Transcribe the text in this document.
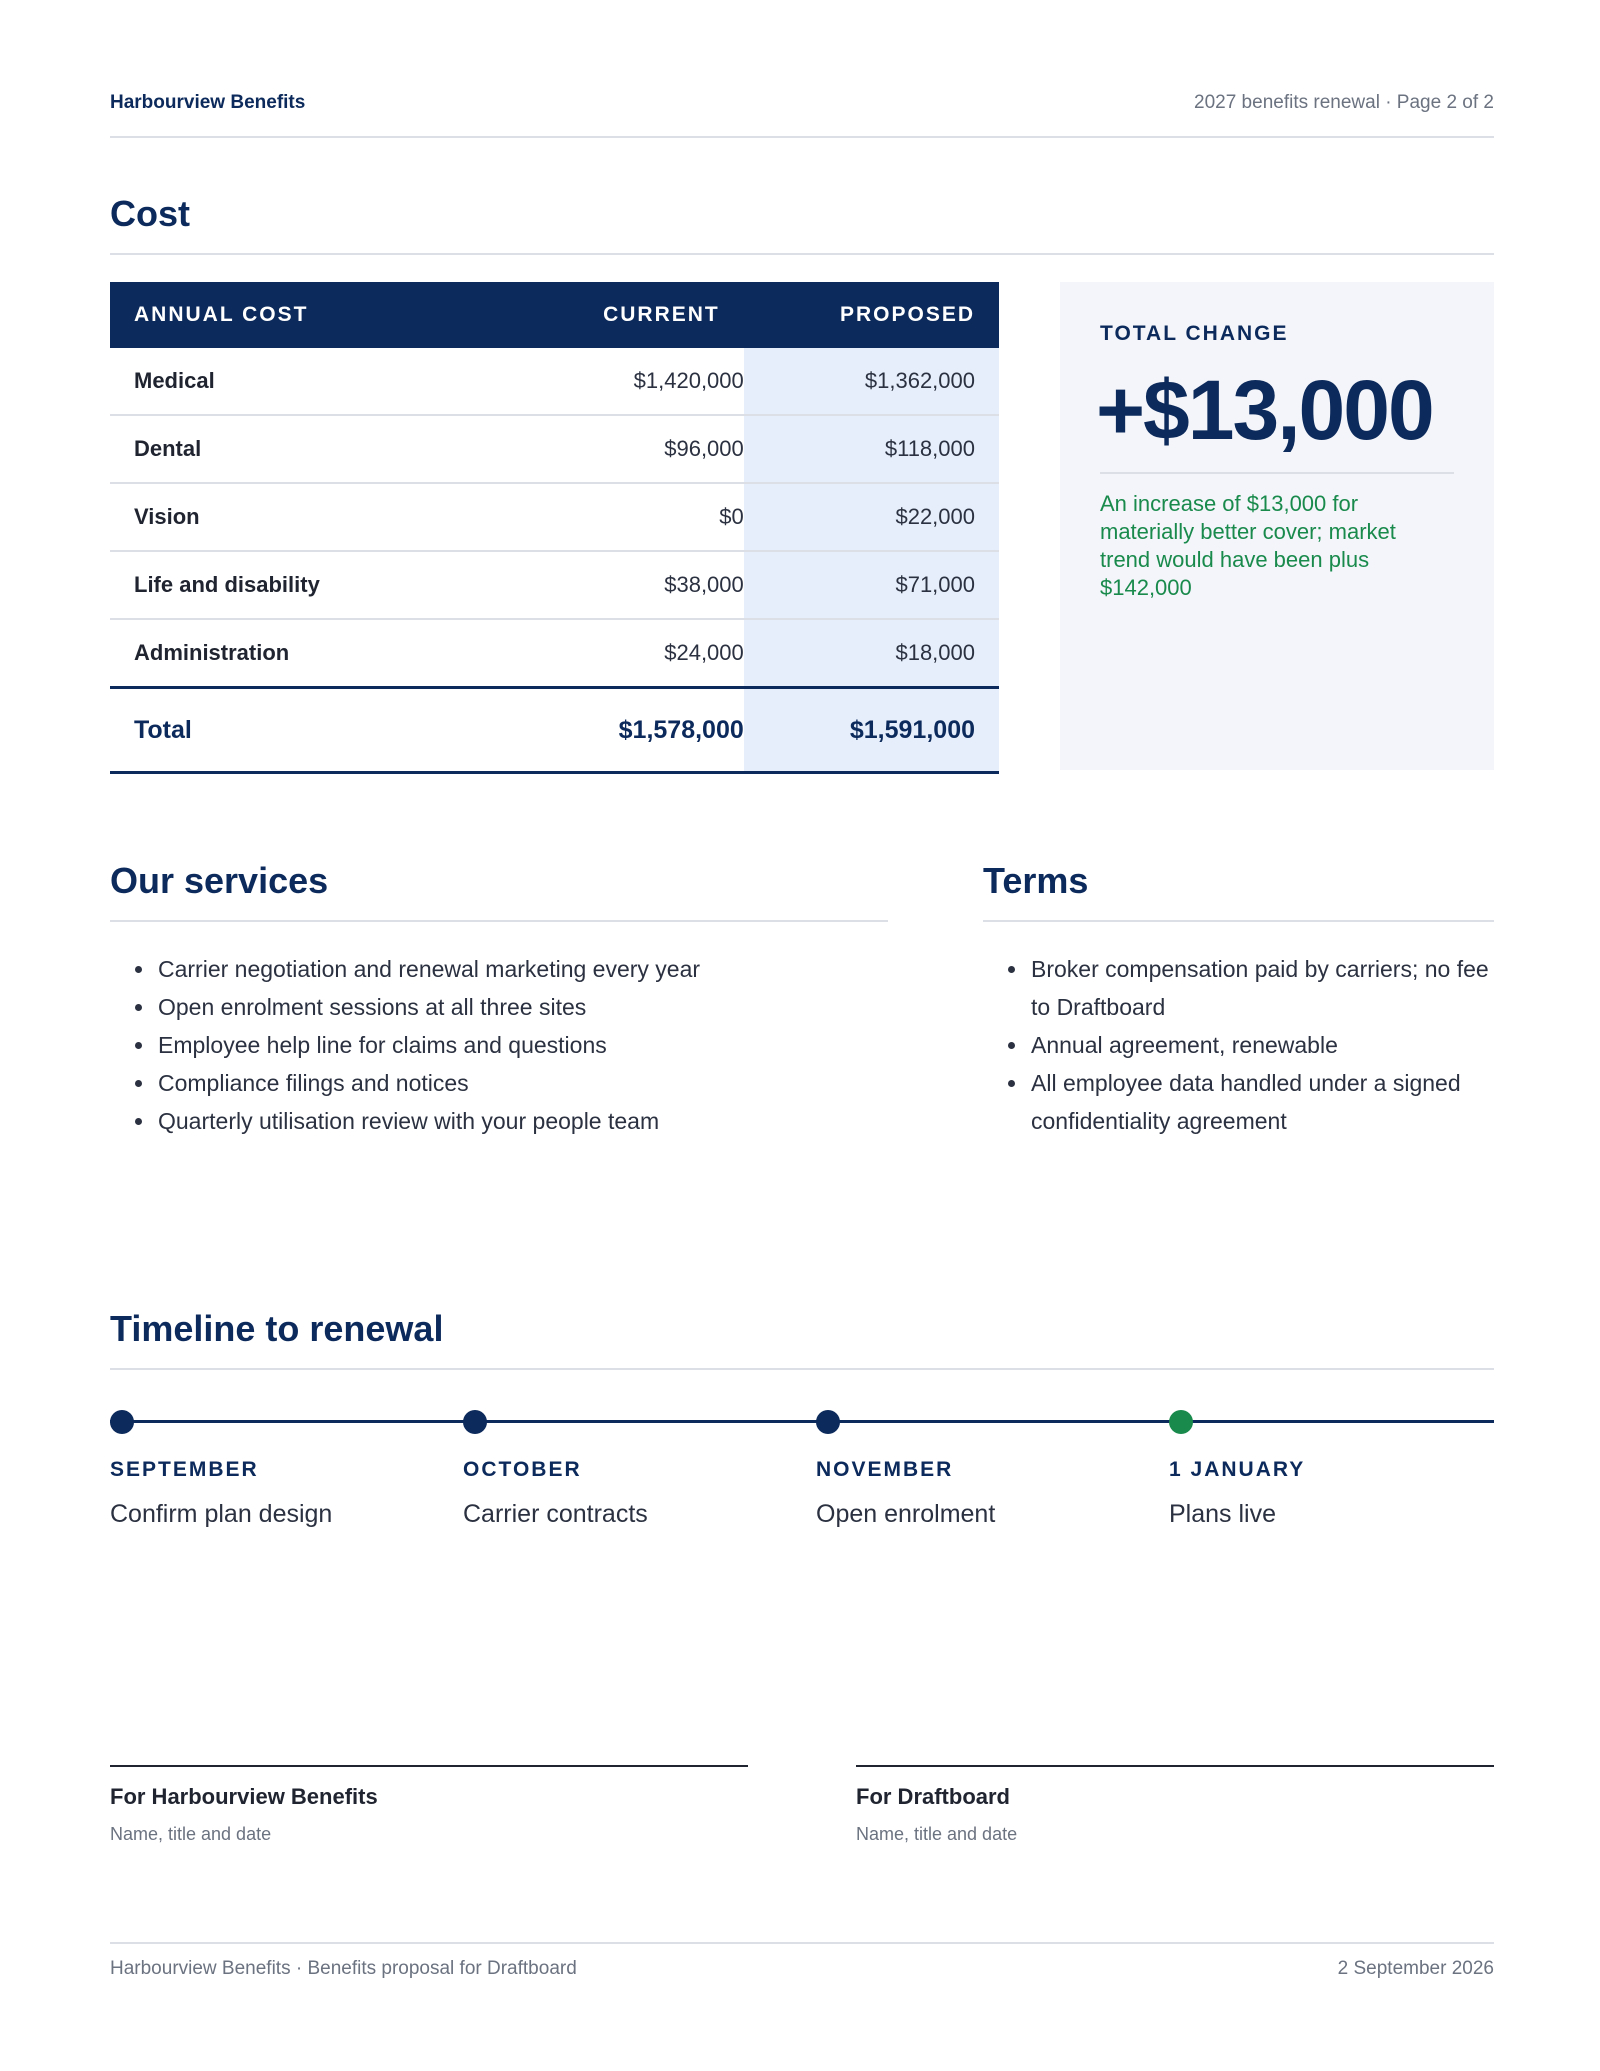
Harbourview Benefits	2027 benefits renewal · Page 2 of 2
Cost
ANNUAL COST	CURRENT	PROPOSED
Medical	$1,420,000	$1,362,000
Dental	$96,000	$118,000
Vision	$0	$22,000
Life and disability	$38,000	$71,000
Administration	$24,000	$18,000
Total	$1,578,000	$1,591,000
TOTAL CHANGE
+$13,000
An increase of $13,000 for materially better cover; market trend would have been plus $142,000
Our services
• Carrier negotiation and renewal marketing every year
• Open enrolment sessions at all three sites
• Employee help line for claims and questions
• Compliance filings and notices
• Quarterly utilisation review with your people team
Terms
• Broker compensation paid by carriers; no fee to Draftboard
• Annual agreement, renewable
• All employee data handled under a signed confidentiality agreement
Timeline to renewal
SEPTEMBER
Confirm plan design
OCTOBER
Carrier contracts
NOVEMBER
Open enrolment
1 JANUARY
Plans live
For Harbourview Benefits
Name, title and date
For Draftboard
Name, title and date
Harbourview Benefits · Benefits proposal for Draftboard	2 September 2026
